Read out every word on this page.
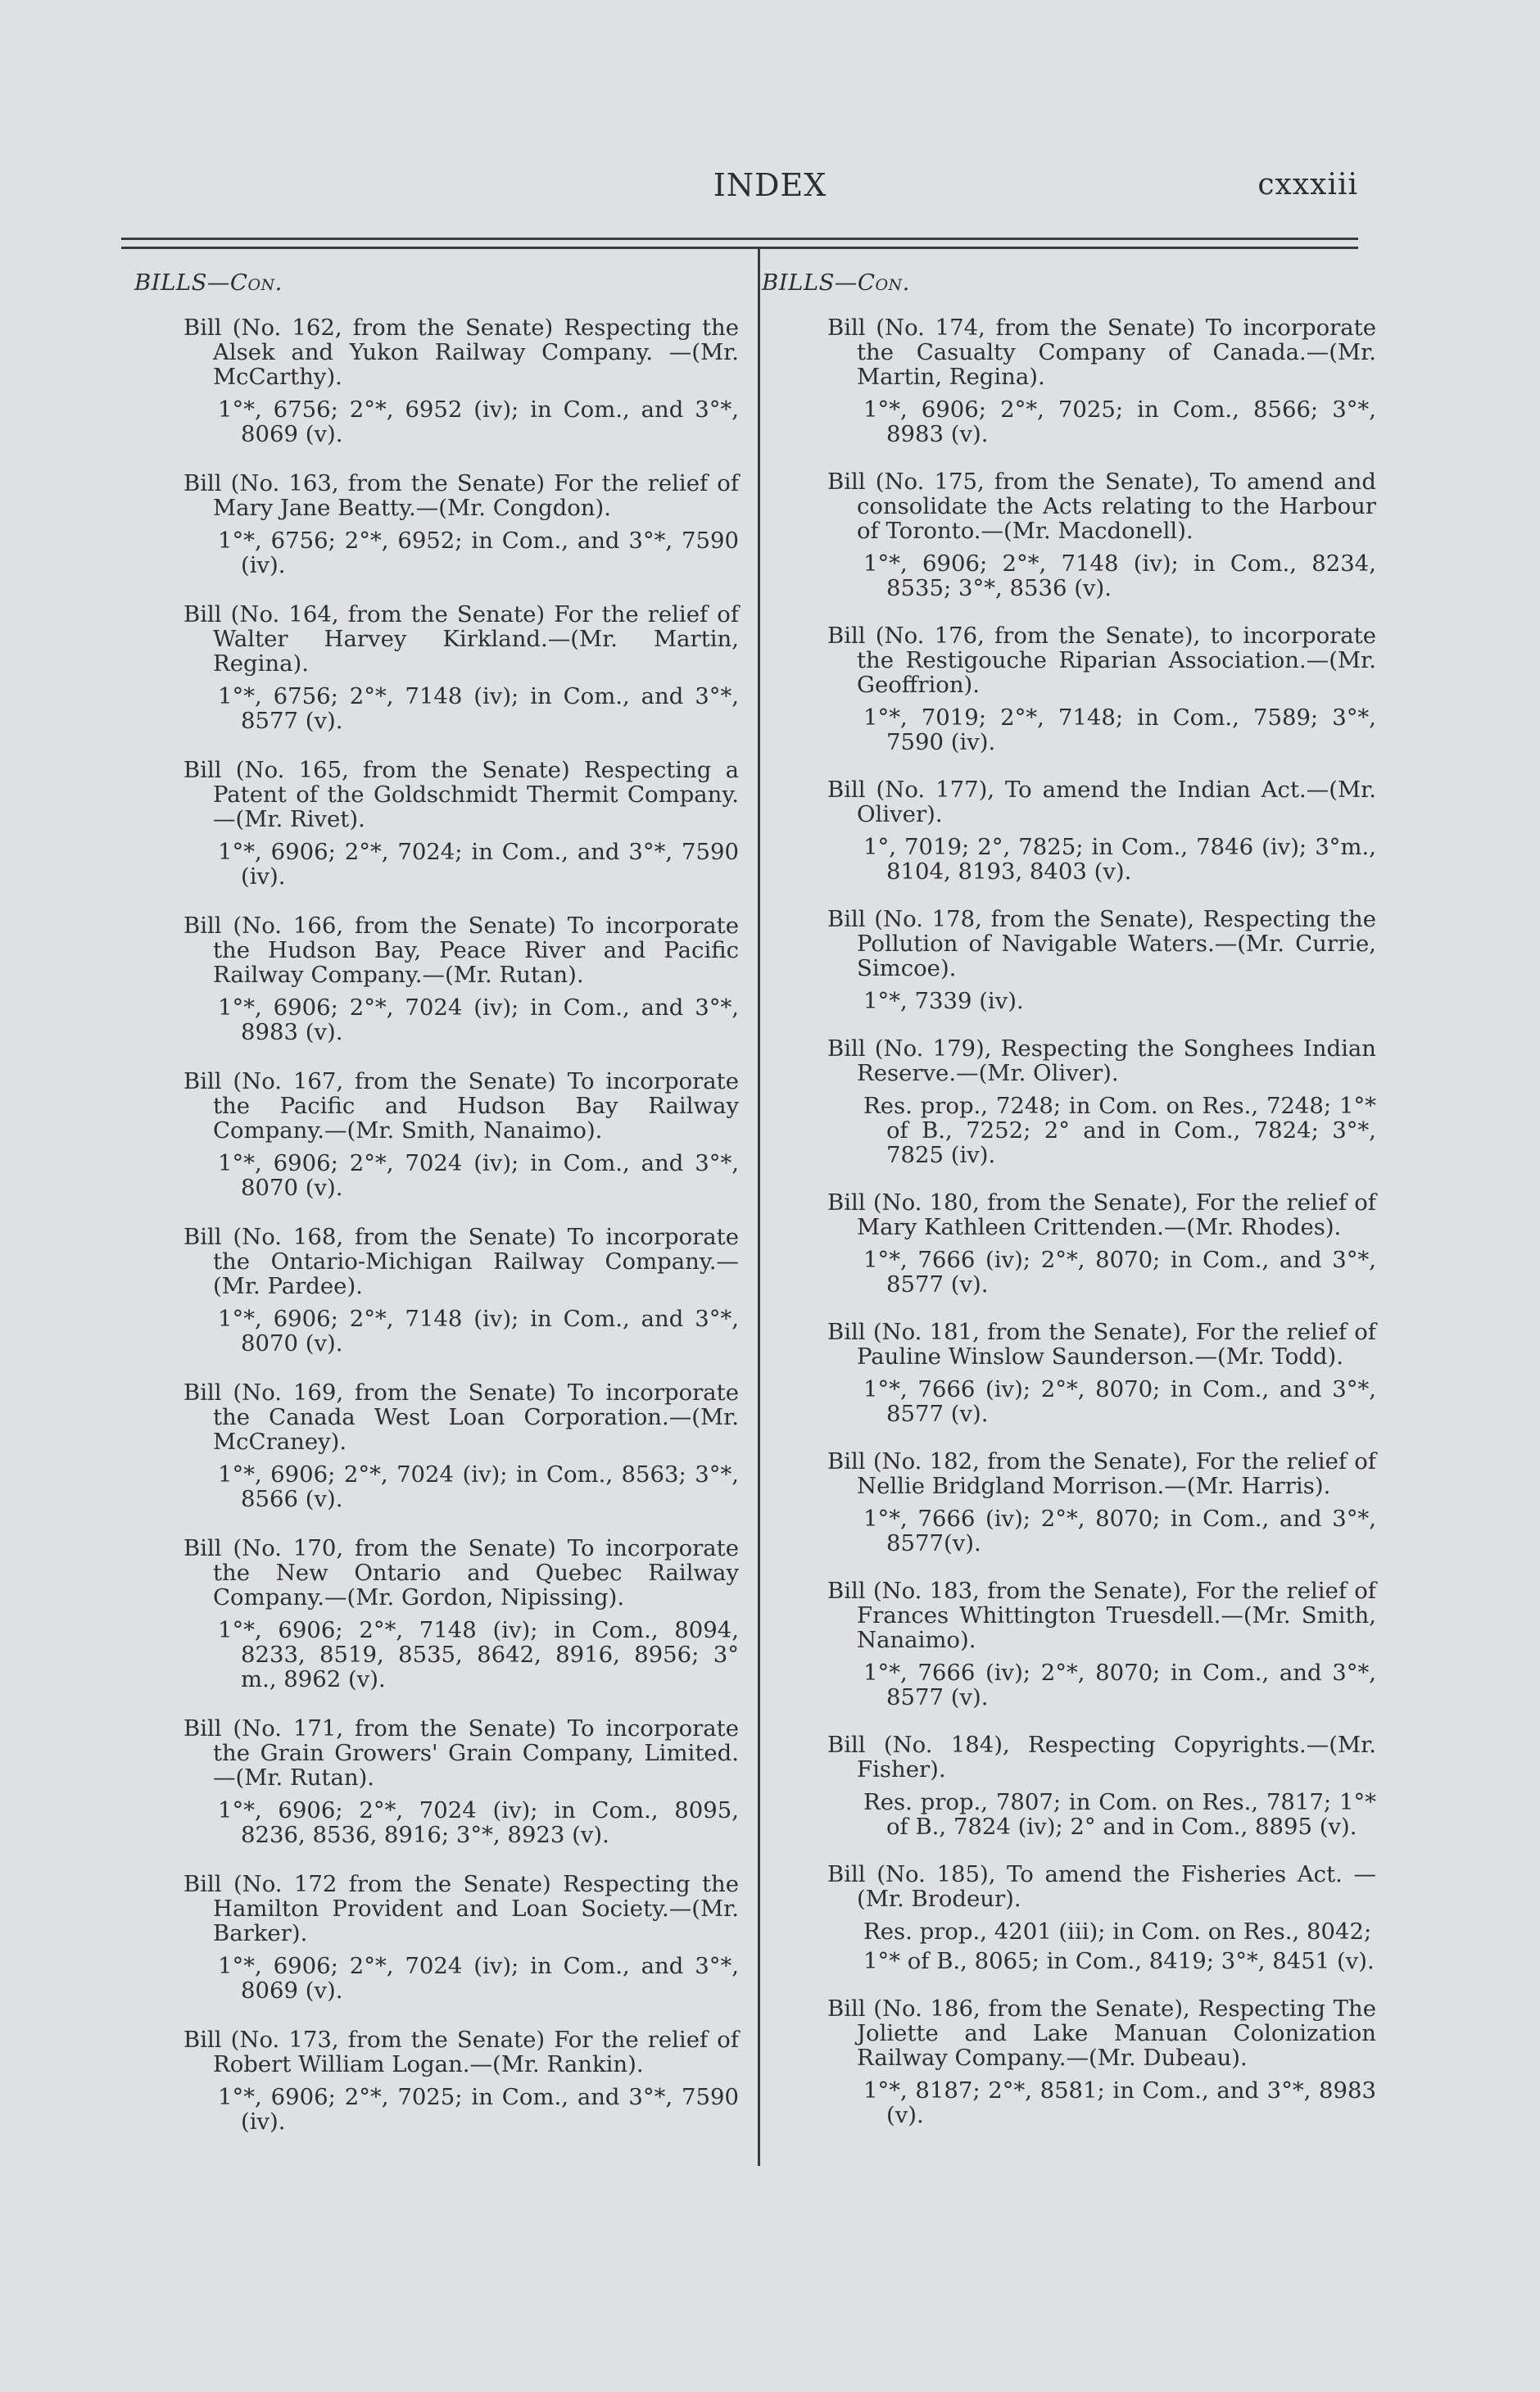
INDEX	cxxxiii
BILLS—Con.

Bill (No. 162, from the Senate) Respecting the Alsek and Yukon Railway Company. —(Mr. McCarthy).

1°*, 6756; 2°*, 6952 (iv); in Com., and 3°*, 8069 (v).

Bill (No. 163, from the Senate) For the relief of Mary Jane Beatty.—(Mr. Congdon).

1°*, 6756; 2°*, 6952; in Com., and 3°*, 7590 (iv).

Bill (No. 164, from the Senate) For the relief of Walter Harvey Kirkland.—(Mr. Martin, Regina).

1°*, 6756; 2°*, 7148 (iv); in Com., and 3°*, 8577 (v).

Bill (No. 165, from the Senate) Respecting a Patent of the Goldschmidt Thermit Company.—(Mr. Rivet).

1°*, 6906; 2°*, 7024; in Com., and 3°*, 7590 (iv).

Bill (No. 166, from the Senate) To incorporate the Hudson Bay, Peace River and Pacific Railway Company.—(Mr. Rutan).

1°*, 6906; 2°*, 7024 (iv); in Com., and 3°*, 8983 (v).

Bill (No. 167, from the Senate) To incorporate the Pacific and Hudson Bay Railway Company.—(Mr. Smith, Nanaimo).

1°*, 6906; 2°*, 7024 (iv); in Com., and 3°*, 8070 (v).

Bill (No. 168, from the Senate) To incorporate the Ontario-Michigan Railway Company.—(Mr. Pardee).

1°*, 6906; 2°*, 7148 (iv); in Com., and 3°*, 8070 (v).

Bill (No. 169, from the Senate) To incorporate the Canada West Loan Corporation.—(Mr. McCraney).

1°*, 6906; 2°*, 7024 (iv); in Com., 8563; 3°*, 8566 (v).

Bill (No. 170, from the Senate) To incorporate the New Ontario and Quebec Railway Company.—(Mr. Gordon, Nipissing).

1°*, 6906; 2°*, 7148 (iv); in Com., 8094, 8233, 8519, 8535, 8642, 8916, 8956; 3° m., 8962 (v).

Bill (No. 171, from the Senate) To incorporate the Grain Growers' Grain Company, Limited.—(Mr. Rutan).

1°*, 6906; 2°*, 7024 (iv); in Com., 8095, 8236, 8536, 8916; 3°*, 8923 (v).

Bill (No. 172 from the Senate) Respecting the Hamilton Provident and Loan Society.—(Mr. Barker).

1°*, 6906; 2°*, 7024 (iv); in Com., and 3°*, 8069 (v).

Bill (No. 173, from the Senate) For the relief of Robert William Logan.—(Mr. Rankin).

1°*, 6906; 2°*, 7025; in Com., and 3°*, 7590 (iv).

BILLS—Con.

Bill (No. 174, from the Senate) To incorporate the Casualty Company of Canada.—(Mr. Martin, Regina).

1°*, 6906; 2°*, 7025; in Com., 8566; 3°*, 8983 (v).

Bill (No. 175, from the Senate), To amend and consolidate the Acts relating to the Harbour of Toronto.—(Mr. Macdonell).

1°*, 6906; 2°*, 7148 (iv); in Com., 8234, 8535; 3°*, 8536 (v).

Bill (No. 176, from the Senate), to incorporate the Restigouche Riparian Association.—(Mr. Geoffrion).

1°*, 7019; 2°*, 7148; in Com., 7589; 3°*, 7590 (iv).

Bill (No. 177), To amend the Indian Act.—(Mr. Oliver).

1°, 7019; 2°, 7825; in Com., 7846 (iv); 3°m., 8104, 8193, 8403 (v).

Bill (No. 178, from the Senate), Respecting the Pollution of Navigable Waters.—(Mr. Currie, Simcoe).

1°*, 7339 (iv).

Bill (No. 179), Respecting the Songhees Indian Reserve.—(Mr. Oliver).

Res. prop., 7248; in Com. on Res., 7248; 1°* of B., 7252; 2° and in Com., 7824; 3°*, 7825 (iv).

Bill (No. 180, from the Senate), For the relief of Mary Kathleen Crittenden.—(Mr. Rhodes).

1°*, 7666 (iv); 2°*, 8070; in Com., and 3°*, 8577 (v).

Bill (No. 181, from the Senate), For the relief of Pauline Winslow Saunderson.—(Mr. Todd).

1°*, 7666 (iv); 2°*, 8070; in Com., and 3°*, 8577 (v).

Bill (No. 182, from the Senate), For the relief of Nellie Bridgland Morrison.—(Mr. Harris).

1°*, 7666 (iv); 2°*, 8070; in Com., and 3°*, 8577(v).

Bill (No. 183, from the Senate), For the relief of Frances Whittington Truesdell.—(Mr. Smith, Nanaimo).

1°*, 7666 (iv); 2°*, 8070; in Com., and 3°*, 8577 (v).

Bill (No. 184), Respecting Copyrights.—(Mr. Fisher).

Res. prop., 7807; in Com. on Res., 7817; 1°* of B., 7824 (iv); 2° and in Com., 8895 (v).

Bill (No. 185), To amend the Fisheries Act. —(Mr. Brodeur).

Res. prop., 4201 (iii); in Com. on Res., 8042;

1°* of B., 8065; in Com., 8419; 3°*, 8451 (v).

Bill (No. 186, from the Senate), Respecting The Joliette and Lake Manuan Colonization Railway Company.—(Mr. Dubeau).

1°*, 8187; 2°*, 8581; in Com., and 3°*, 8983 (v).
